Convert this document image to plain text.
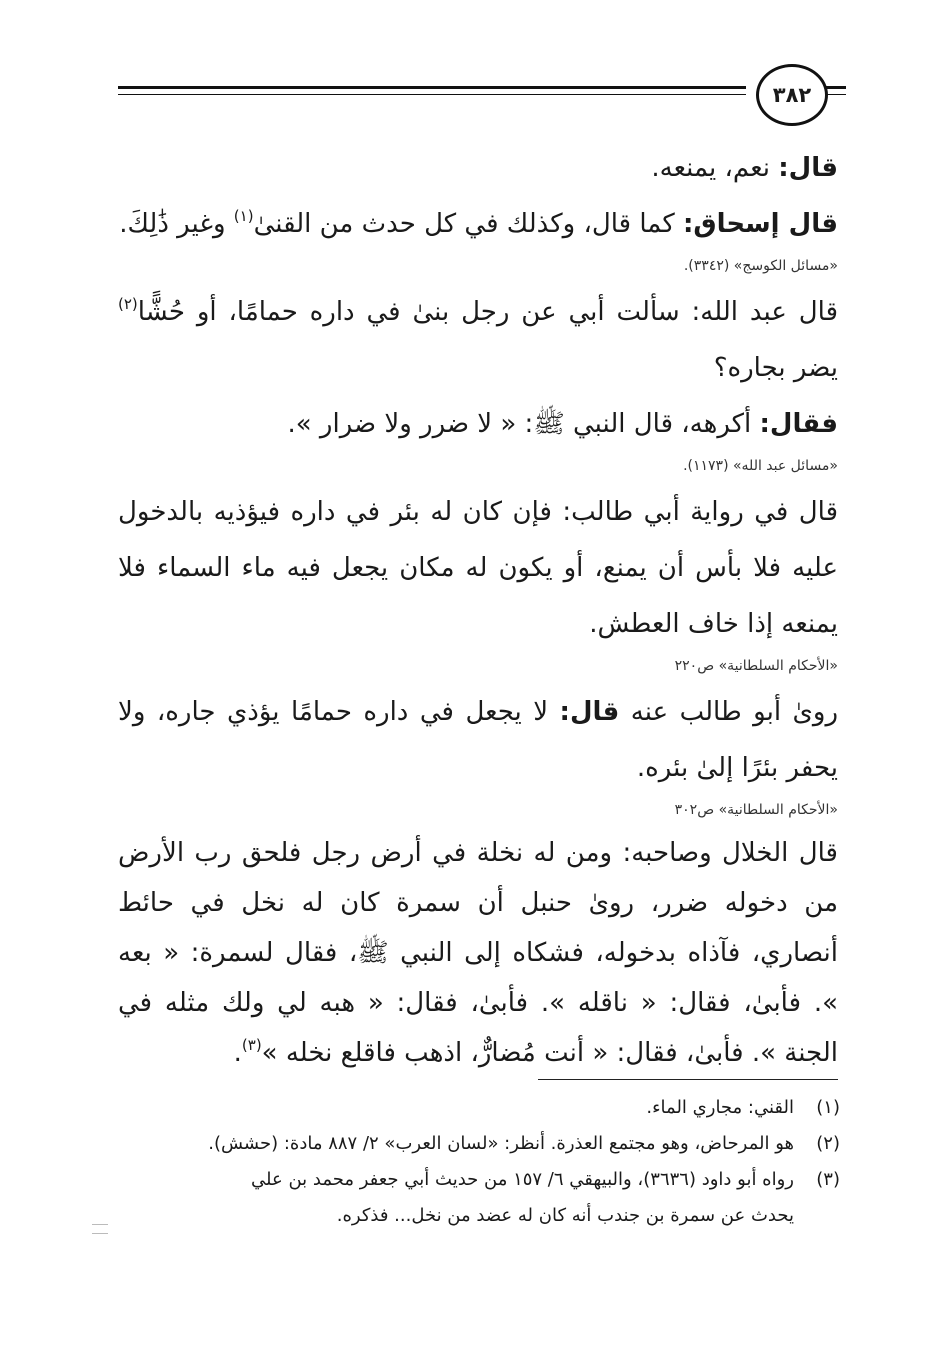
٣٨٢

قال: نعم، يمنعه.

قال إسحاق: كما قال، وكذلك في كل حدث من القنىٰ$^{(١)}$ وغير ذَٰلِكَ.

«مسائل الكوسج» (٣٣٤٢).

قال عبد الله: سألت أبي عن رجل بنىٰ في داره حمامًا، أو حُشًّا$^{(٢)}$ يضر بجاره؟

فقال: أكرهه، قال النبي ﷺ: « لا ضرر ولا ضرار ».

«مسائل عبد الله» (١١٧٣).

قال في رواية أبي طالب: فإن كان له بئر في داره فيؤذيه بالدخول عليه فلا بأس أن يمنع، أو يكون له مكان يجعل فيه ماء السماء فلا يمنعه إذا خاف العطش.

«الأحكام السلطانية» ص٢٢٠

روىٰ أبو طالب عنه قال: لا يجعل في داره حمامًا يؤذي جاره، ولا يحفر بئرًا إلىٰ بئره.

«الأحكام السلطانية» ص٣٠٢

قال الخلال وصاحبه: ومن له نخلة في أرض رجل فلحق رب الأرض من دخوله ضرر، روىٰ حنبل أن سمرة كان له نخل في حائط أنصاري، فآذاه بدخوله، فشكاه إلى النبي ﷺ، فقال لسمرة: « بعه ». فأبىٰ، فقال: « ناقله ». فأبىٰ، فقال: « هبه لي ولك مثله في الجنة ». فأبىٰ، فقال: « أنت مُضارٌّ، اذهب فاقلع نخله »$^{(٣)}$.

(١)
القني: مجاري الماء.
(٢)
هو المرحاض، وهو مجتمع العذرة. أنظر: «لسان العرب» ٢/ ٨٨٧ مادة: (حشش).
(٣)
رواه أبو داود (٣٦٣٦)، والبيهقي ٦/ ١٥٧ من حديث أبي جعفر محمد بن علي
يحدث عن سمرة بن جندب أنه كان له عضد من نخل... فذكره.
